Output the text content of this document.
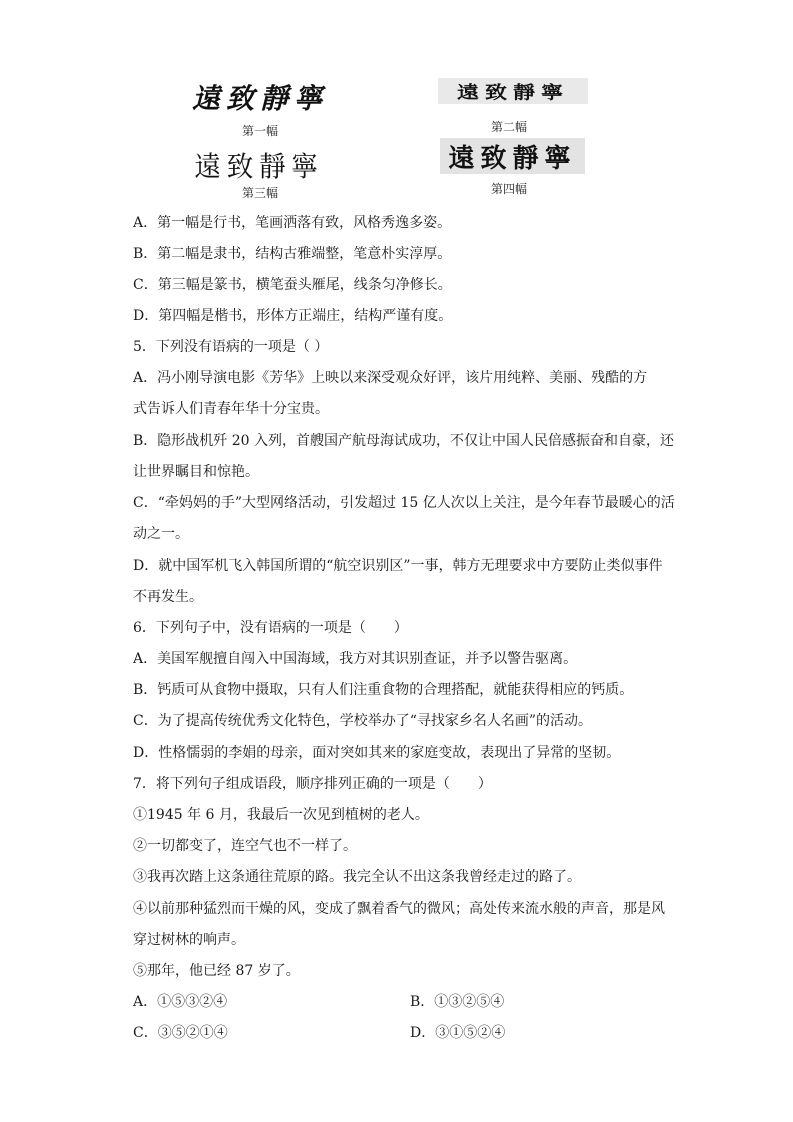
遠致靜寧
第一幅
遠致靜寧
第二幅
遠致靜寧
第三幅
遠致靜寧
第四幅
A．第一幅是行书，笔画洒落有致，风格秀逸多姿。
B．第二幅是隶书，结构古雅端整，笔意朴实淳厚。
C．第三幅是篆书，横笔蚕头雁尾，线条匀净修长。
D．第四幅是楷书，形体方正端庄，结构严谨有度。
5．下列没有语病的一项是（ ）
A．冯小刚导演电影《芳华》上映以来深受观众好评，该片用纯粹、美丽、残酷的方
式告诉人们青春年华十分宝贵。
B．隐形战机歼 20 入列，首艘国产航母海试成功，不仅让中国人民倍感振奋和自豪，还
让世界瞩目和惊艳。
C．“牵妈妈的手”大型网络活动，引发超过 15 亿人次以上关注，是今年春节最暖心的活
动之一。
D．就中国军机飞入韩国所谓的“航空识别区”一事，韩方无理要求中方要防止类似事件
不再发生。
6．下列句子中，没有语病的一项是（　　）
A．美国军舰擅自闯入中国海域，我方对其识别查证，并予以警告驱离。
B．钙质可从食物中摄取，只有人们注重食物的合理搭配，就能获得相应的钙质。
C．为了提高传统优秀文化特色，学校举办了“寻找家乡名人名画”的活动。
D．性格懦弱的李娟的母亲，面对突如其来的家庭变故，表现出了异常的坚韧。
7．将下列句子组成语段，顺序排列正确的一项是（　　）
①1945 年 6 月，我最后一次见到植树的老人。
②一切都变了，连空气也不一样了。
③我再次踏上这条通往荒原的路。我完全认不出这条我曾经走过的路了。
④以前那种猛烈而干燥的风，变成了飘着香气的微风；高处传来流水般的声音，那是风
穿过树林的响声。
⑤那年，他已经 87 岁了。
A．①⑤③②④	B．①③②⑤④
C．③⑤②①④	D．③①⑤②④
